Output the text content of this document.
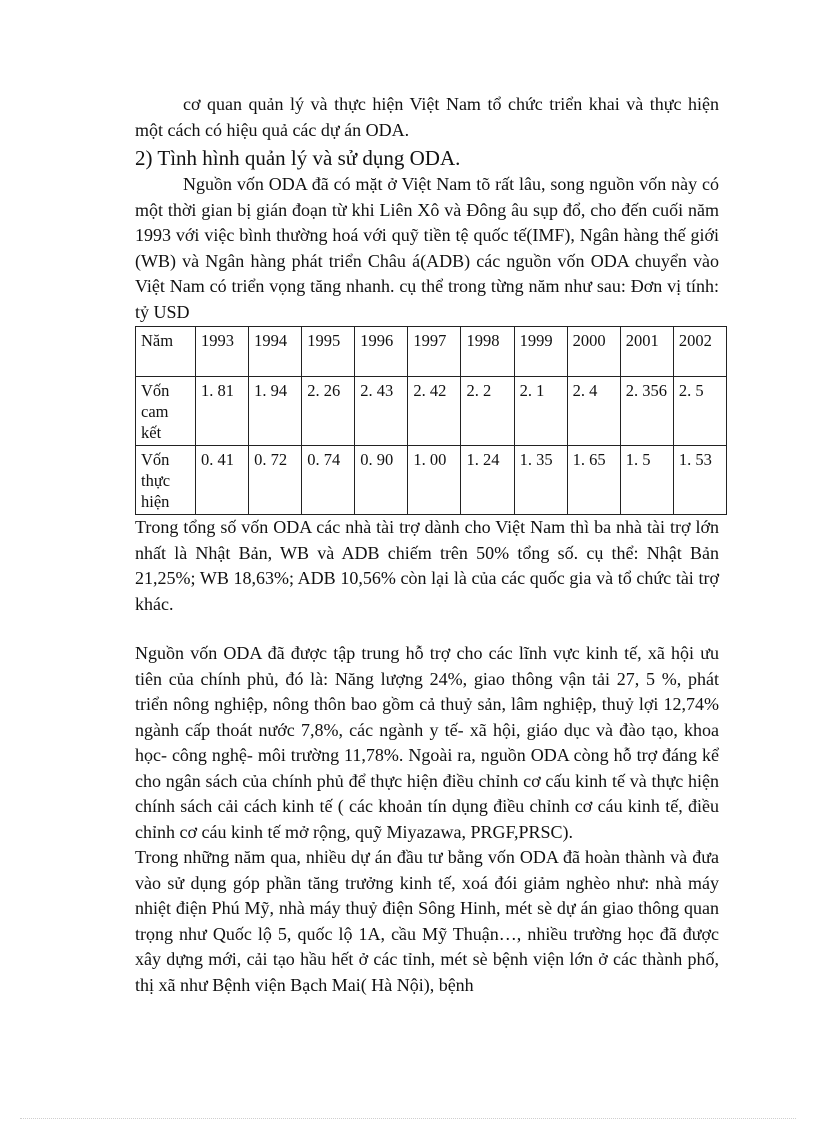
cơ quan quản lý và thực hiện Việt Nam tổ chức triển khai và thực hiện một cách có hiệu quả các dự án ODA.

2) Tình hình quản lý và sử dụng ODA.

Nguồn vốn ODA đã có mặt ở Việt Nam tõ rất lâu, song nguồn vốn này có một thời gian bị gián đoạn từ khi Liên Xô và Đông âu sụp đổ, cho đến cuối năm 1993 với việc bình thường hoá với quỹ tiền tệ quốc tế(IMF), Ngân hàng thế giới (WB) và Ngân hàng phát triển Châu á(ADB) các nguồn vốn ODA chuyển vào Việt Nam có triển vọng tăng nhanh. cụ thể trong từng năm như sau: Đơn vị tính: tỷ USD

Năm	1993	1994	1995	1996	1997	1998	1999	2000	2001	2002
Vốn cam kết	1. 81	1. 94	2. 26	2. 43	2. 42	2. 2	2. 1	2. 4	2. 356	2. 5
Vốn thực hiện	0. 41	0. 72	0. 74	0. 90	1. 00	1. 24	1. 35	1. 65	1. 5	1. 53

Trong tổng số vốn ODA các nhà tài trợ dành cho Việt Nam thì ba nhà tài trợ lớn nhất là Nhật Bản, WB và ADB chiếm trên 50% tổng số. cụ thể: Nhật Bản 21,25%; WB 18,63%; ADB 10,56% còn lại là của các quốc gia và tổ chức tài trợ khác.

Nguồn vốn ODA đã được tập trung hỗ trợ cho các lĩnh vực kinh tế, xã hội ưu tiên của chính phủ, đó là: Năng lượng 24%, giao thông vận tải 27, 5 %, phát triển nông nghiệp, nông thôn bao gồm cả thuỷ sản, lâm nghiệp, thuỷ lợi 12,74% ngành cấp thoát nước 7,8%, các ngành y tế- xã hội, giáo dục và đào tạo, khoa học- công nghệ- môi trường 11,78%. Ngoài ra, nguồn ODA còng hỗ trợ đáng kể cho ngân sách của chính phủ để thực hiện điều chỉnh cơ cấu kinh tế và thực hiện chính sách cải cách kinh tế ( các khoản tín dụng điều chỉnh cơ cáu kinh tế, điều chỉnh cơ cáu kinh tế mở rộng, quỹ Miyazawa, PRGF,PRSC).

Trong những năm qua, nhiều dự án đầu tư bằng vốn ODA đã hoàn thành và đưa vào sử dụng góp phần tăng trưởng kinh tế, xoá đói giảm nghèo như: nhà máy nhiệt điện Phú Mỹ, nhà máy thuỷ điện Sông Hinh, mét sè dự án giao thông quan trọng như Quốc lộ 5, quốc lộ 1A, cầu Mỹ Thuận…, nhiều trường học đã được xây dựng mới, cải tạo hầu hết ở các tỉnh, mét sè bệnh viện lớn ở các thành phố, thị xã như Bệnh viện Bạch Mai( Hà Nội), bệnh
